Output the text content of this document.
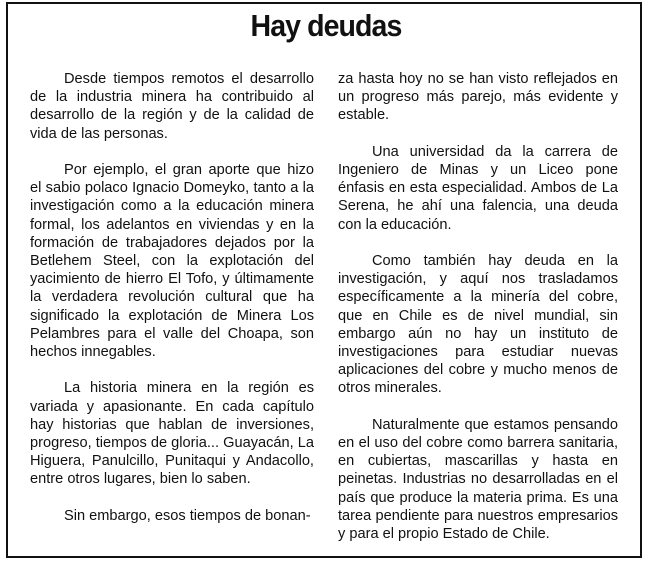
Hay deudas

Desde tiempos remotos el desarrollo de la industria minera ha contribuido al desarrollo de la región y de la calidad de vida de las personas.

Por ejemplo, el gran aporte que hizo el sabio polaco Ignacio Domeyko, tanto a la investigación como a la educación minera formal, los adelantos en viviendas y en la formación de trabajadores dejados por la Betlehem Steel, con la explotación del yacimiento de hierro El Tofo, y últimamente la verdadera revolución cultural que ha significado la explotación de Minera Los Pelambres para el valle del Choapa, son hechos innegables.

La historia minera en la región es variada y apasionante. En cada capítulo hay historias que hablan de inversiones, progreso, tiempos de gloria... Guayacán, La Higuera, Panulcillo, Punitaqui y Andacollo, entre otros lugares, bien lo saben.

Sin embargo, esos tiempos de bonan-

za hasta hoy no se han visto reflejados en un progreso más parejo, más evidente y estable.

Una universidad da la carrera de Ingeniero de Minas y un Liceo pone énfasis en esta especialidad. Ambos de La Serena, he ahí una falencia, una deuda con la educación.

Como también hay deuda en la investigación, y aquí nos trasladamos específicamente a la minería del cobre, que en Chile es de nivel mundial, sin embargo aún no hay un instituto de investigaciones para estudiar nuevas aplicaciones del cobre y mucho menos de otros minerales.

Naturalmente que estamos pensando en el uso del cobre como barrera sanitaria, en cubiertas, mascarillas y hasta en peinetas. Industrias no desarrolladas en el país que produce la materia prima. Es una tarea pendiente para nuestros empresarios y para el propio Estado de Chile.
